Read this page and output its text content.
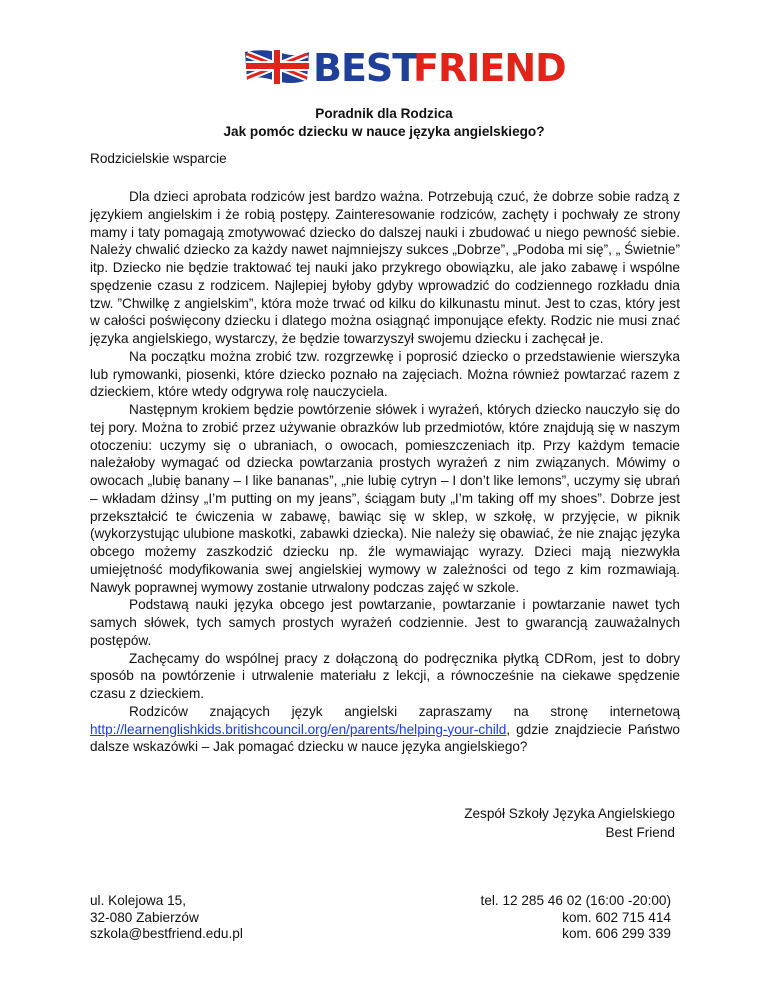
BEST
FRIEND
Poradnik dla Rodzica
Jak pomóc dziecku w nauce języka angielskiego?
Rodzicielskie wsparcie

Dla dzieci aprobata rodziców jest bardzo ważna. Potrzebują czuć, że dobrze sobie radzą z językiem angielskim i że robią postępy. Zainteresowanie rodziców, zachęty i pochwały ze strony mamy i taty pomagają zmotywować dziecko do dalszej nauki i zbudować u niego pewność siebie. Należy chwalić dziecko za każdy nawet najmniejszy sukces „Dobrze”, „Podoba mi się”, „ Świetnie” itp. Dziecko nie będzie traktować tej nauki jako przykrego obowiązku, ale jako zabawę i wspólne spędzenie czasu z rodzicem. Najlepiej byłoby gdyby wprowadzić do codziennego rozkładu dnia tzw. ”Chwilkę z angielskim”, która może trwać od kilku do kilkunastu minut. Jest to czas, który jest w całości poświęcony dziecku i dlatego można osiągnąć imponujące efekty. Rodzic nie musi znać języka angielskiego, wystarczy, że będzie towarzyszył swojemu dziecku i zachęcał je.

Na początku można zrobić tzw. rozgrzewkę i poprosić dziecko o przedstawienie wierszyka lub rymowanki, piosenki, które dziecko poznało na zajęciach. Można również powtarzać razem z dzieckiem, które wtedy odgrywa rolę nauczyciela.

Następnym krokiem będzie powtórzenie słówek i wyrażeń, których dziecko nauczyło się do tej pory. Można to zrobić przez używanie obrazków lub przedmiotów, które znajdują się w naszym otoczeniu: uczymy się o ubraniach, o owocach, pomieszczeniach itp. Przy każdym temacie należałoby wymagać od dziecka powtarzania prostych wyrażeń z nim związanych. Mówimy o owocach „lubię banany – I like bananas”, „nie lubię cytryn – I don’t like lemons”, uczymy się ubrań – wkładam dżinsy „I’m putting on my jeans”, ściągam buty „I’m taking off my shoes”. Dobrze jest przekształcić te ćwiczenia w zabawę, bawiąc się w sklep, w szkołę, w przyjęcie, w piknik (wykorzystując ulubione maskotki, zabawki dziecka). Nie należy się obawiać, że nie znając języka obcego możemy zaszkodzić dziecku np. źle wymawiając wyrazy. Dzieci mają niezwykła umiejętność modyfikowania swej angielskiej wymowy w zależności od tego z kim rozmawiają. Nawyk poprawnej wymowy zostanie utrwalony podczas zajęć w szkole.

Podstawą nauki języka obcego jest powtarzanie, powtarzanie i powtarzanie nawet tych samych słówek, tych samych prostych wyrażeń codziennie. Jest to gwarancją zauważalnych postępów.

Zachęcamy do wspólnej pracy z dołączoną do podręcznika płytką CDRom, jest to dobry sposób na powtórzenie i utrwalenie materiału z lekcji, a równocześnie na ciekawe spędzenie czasu z dzieckiem.

Rodziców znających język angielski zapraszamy na stronę internetową http://learnenglishkids.britishcouncil.org/en/parents/helping-your-child, gdzie znajdziecie Państwo dalsze wskazówki – Jak pomagać dziecku w nauce języka angielskiego?

Zespół Szkoły Języka Angielskiego
Best Friend
ul. Kolejowa 15,
32-080 Zabierzów
szkola@bestfriend.edu.pl
tel. 12 285 46 02 (16:00 -20:00)
kom. 602 715 414
kom. 606 299 339
